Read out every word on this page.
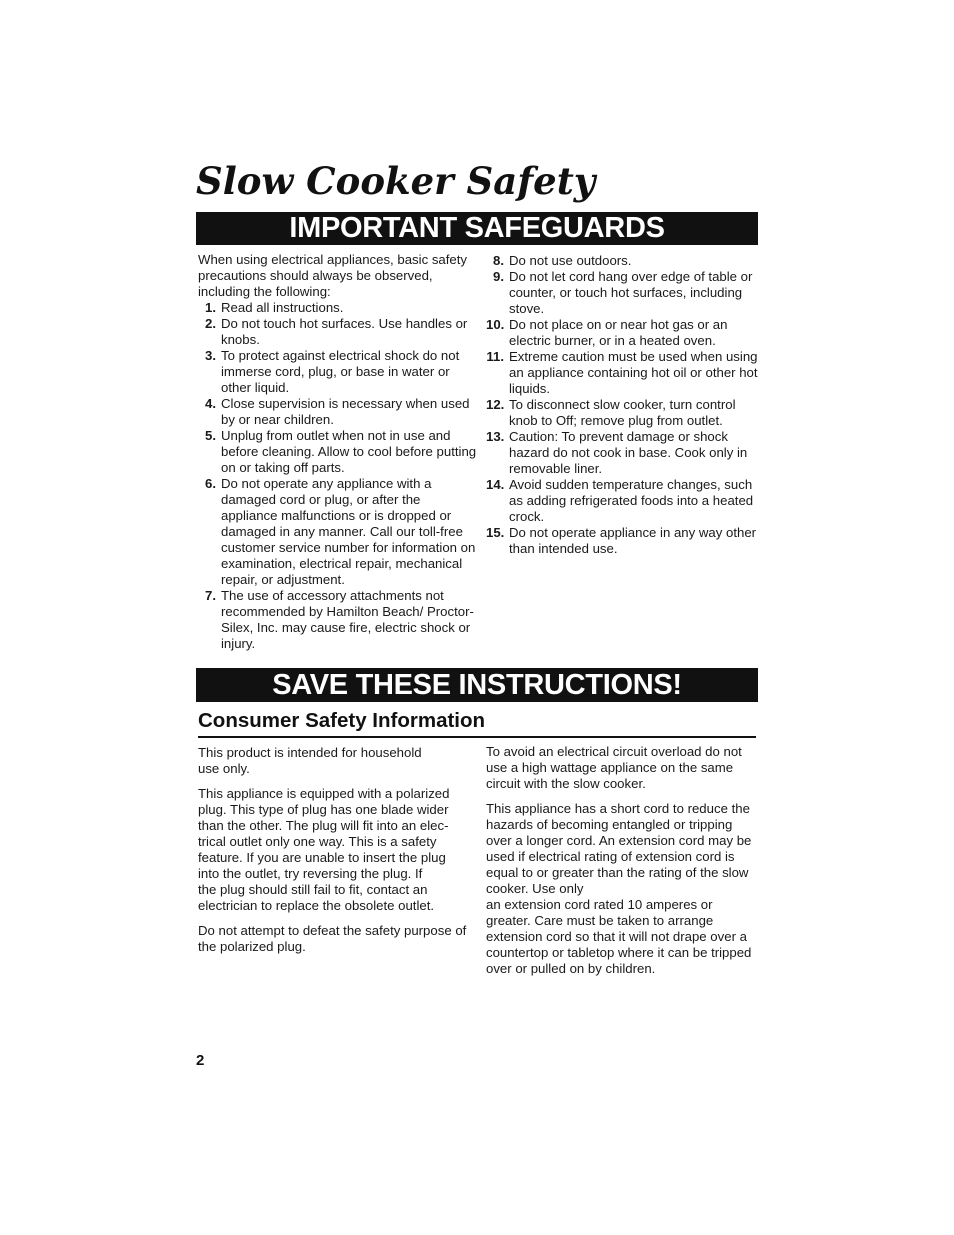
Slow Cooker Safety
IMPORTANT SAFEGUARDS

When using electrical appliances, basic safety precautions should always be observed, including the following:

1. Read all instructions.
2. Do not touch hot surfaces. Use handles or knobs.
3. To protect against electrical shock do not immerse cord, plug, or base in water or other liquid.
4. Close supervision is necessary when used by or near children.
5. Unplug from outlet when not in use and before cleaning. Allow to cool before putting on or taking off parts.
6. Do not operate any appliance with a damaged cord or plug, or after the appliance malfunctions or is dropped or damaged in any manner. Call our toll-free customer service number for information on examination, electrical repair, mechanical repair, or adjustment.
7. The use of accessory attachments not recommended by Hamilton Beach/ Proctor-Silex, Inc. may cause fire, electric shock or injury.
8. Do not use outdoors.
9. Do not let cord hang over edge of table or counter, or touch hot surfaces, including stove.
10. Do not place on or near hot gas or an electric burner, or in a heated oven.
11. Extreme caution must be used when using an appliance containing hot oil or other hot liquids.
12. To disconnect slow cooker, turn control knob to Off; remove plug from outlet.
13. Caution: To prevent damage or shock hazard do not cook in base. Cook only in removable liner.
14. Avoid sudden temperature changes, such as adding refrigerated foods into a heated crock.
15. Do not operate appliance in any way other than intended use.
SAVE THESE INSTRUCTIONS!
Consumer Safety Information

This product is intended for household
use only.

This appliance is equipped with a polarized plug. This type of plug has one blade wider than the other. The plug will fit into an elec-trical outlet only one way. This is a safety feature. If you are unable to insert the plug into the outlet, try reversing the plug. If
the plug should still fail to fit, contact an electrician to replace the obsolete outlet.

Do not attempt to defeat the safety purpose of the polarized plug.

To avoid an electrical circuit overload do not use a high wattage appliance on the same circuit with the slow cooker.

This appliance has a short cord to reduce the hazards of becoming entangled or tripping over a longer cord. An extension cord may be used if electrical rating of extension cord is equal to or greater than the rating of the slow cooker. Use only
an extension cord rated 10 amperes or greater. Care must be taken to arrange extension cord so that it will not drape over a countertop or tabletop where it can be tripped over or pulled on by children.

2
